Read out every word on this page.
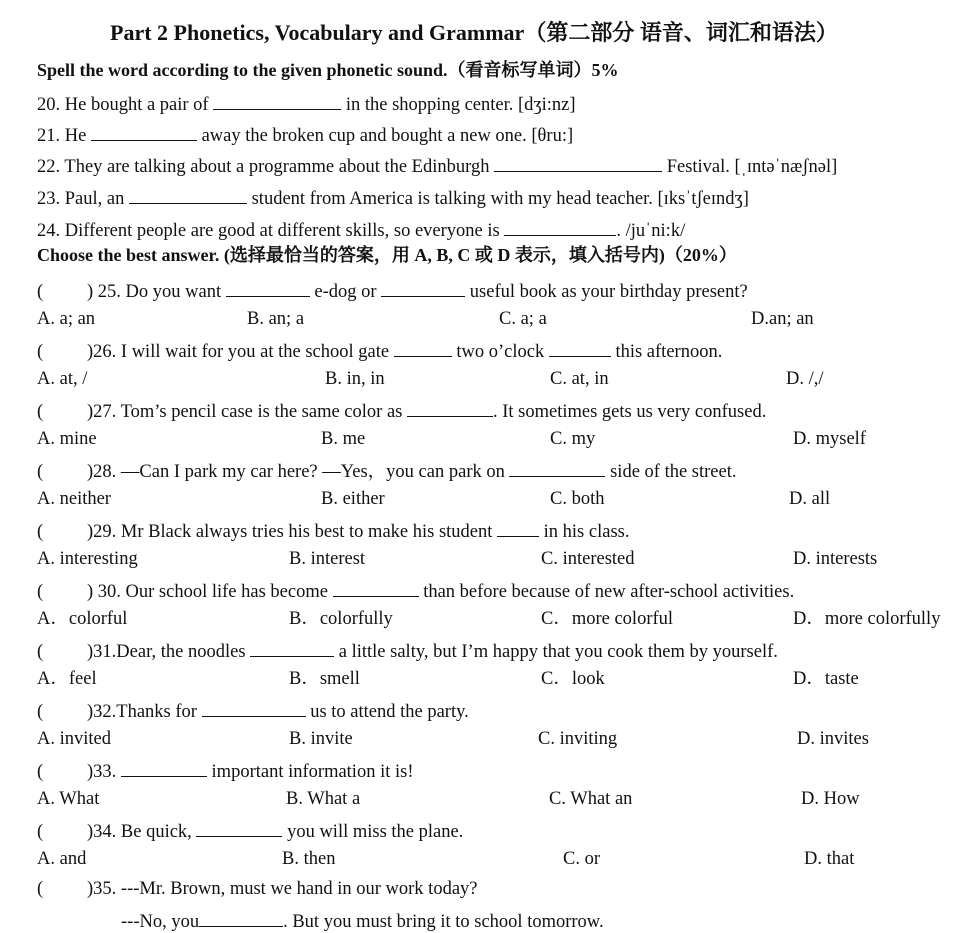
Part 2 Phonetics, Vocabulary and Grammar（第二部分 语音、词汇和语法）
Spell the word according to the given phonetic sound.（看音标写单词）5%
20. He bought a pair of	in the shopping center. [dʒi:nz]
21. He	away the broken cup and bought a new one. [θru:]
22. They are talking about a programme about the Edinburgh	Festival. [ˌɪntəˈnæʃnəl]
23. Paul, an	student from America is talking with my head teacher. [ɪksˈtʃeɪndʒ]
24. Different people are good at different skills, so everyone is	. /juˈni:k/
Choose the best answer. (选择最恰当的答案，用 A, B, C 或 D 表示，填入括号内)（20%）
( ) 25. Do you want	e-dog or	useful book as your birthday present?
A. a; an	B. an; a	C. a; a	D.an; an
( )26. I will wait for you at the school gate	two o’clock	this afternoon.
A. at, /	B. in, in	C. at, in	D. /,/
( )27. Tom’s pencil case is the same color as	. It sometimes gets us very confused.
A. mine	B. me	C. my	D. myself
( )28. —Can I park my car here? —Yes，you can park on	side of the street.
A. neither	B. either	C. both	D. all
( )29. Mr Black always tries his best to make his student  in his class.
A. interesting	B. interest	C. interested	D. interests
( ) 30. Our school life has become	than before because of new after-school activities.
A．colorful	B．colorfully	C．more colorful	D．more colorfully
( )31.Dear, the noodles	a little salty, but I’m happy that you cook them by yourself.
A．feel	B．smell	C．look	D．taste
( )32.Thanks for	us to attend the party.
A. invited	B. invite	C. inviting	D. invites
( )33.	important information it is!
A. What	B. What a	C. What an	D. How
( )34. Be quick,	you will miss the plane.
A. and	B. then	C. or	D. that
( )35. ---Mr. Brown, must we hand in our work today?
---No, you	. But you must bring it to school tomorrow.
